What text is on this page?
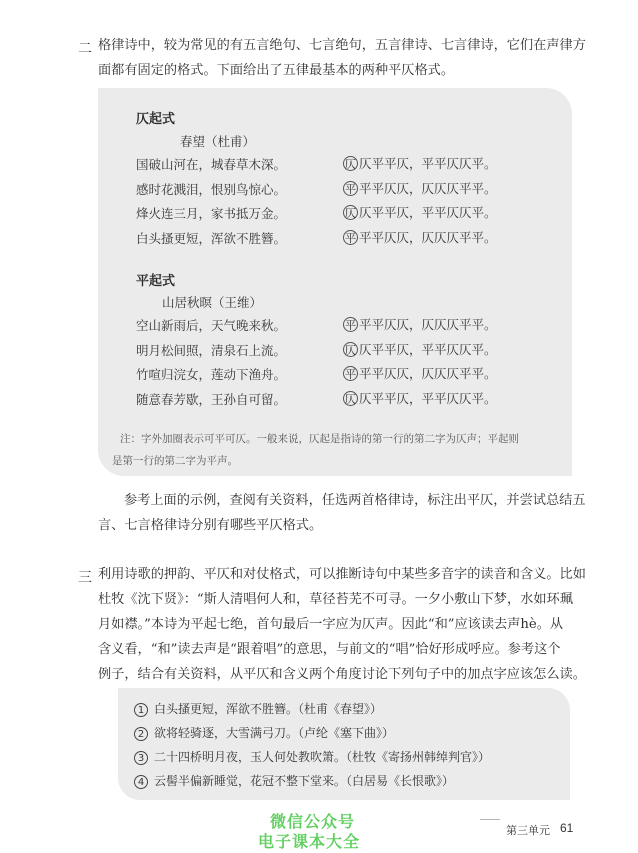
二 格律诗中，较为常见的有五言绝句、七言绝句，五言律诗、七言律诗，它们在声律方
面都有固定的格式。下面给出了五律最基本的两种平仄格式。
仄起式
春望（杜甫）
国破山河在，城春草木深。	仄 仄平平仄，平平仄仄平。
感时花溅泪，恨别鸟惊心。	平 平平仄仄，仄仄仄平平。
烽火连三月，家书抵万金。	仄 仄平平仄，平平仄仄平。
白头搔更短，浑欲不胜簪。	平 平平仄仄，仄仄仄平平。
平起式
山居秋暝（王维）
空山新雨后，天气晚来秋。	平 平平仄仄，仄仄仄平平。
明月松间照，清泉石上流。	仄 仄平平仄，平平仄仄平。
竹喧归浣女，莲动下渔舟。	平 平平仄仄，仄仄仄平平。
随意春芳歇，王孙自可留。	仄 仄平平仄，平平仄仄平。
注：字外加圈表示可平可仄。一般来说，仄起是指诗的第一行的第二字为仄声；平起则
是第一行的第二字为平声。
参考上面的示例，查阅有关资料，任选两首格律诗，标注出平仄，并尝试总结五
言、七言格律诗分别有哪些平仄格式。
三 利用诗歌的押韵、平仄和对仗格式，可以推断诗句中某些多音字的读音和含义。比如
杜牧《沈下贤》：“斯人清唱何人和，草径苔芜不可寻。一夕小敷山下梦，水如环珮
月如襟。”本诗为平起七绝，首句最后一字应为仄声。因此“和”应该读去声hè。从
含义看，“和”读去声是“跟着唱”的意思，与前文的“唱”恰好形成呼应。参考这个
例子，结合有关资料，从平仄和含义两个角度讨论下列句子中的加点字应该怎么读。
1 白头搔更短，浑欲不胜簪。（杜甫《春望》）
2 欲将轻骑逐，大雪满弓刀。（卢纶《塞下曲》）
3 二十四桥明月夜，玉人何处教吹箫。（杜牧《寄扬州韩绰判官》）
4 云髻半偏新睡觉，花冠不整下堂来。（白居易《长恨歌》）
微信公众号
电子课本大全
第三单元 61
